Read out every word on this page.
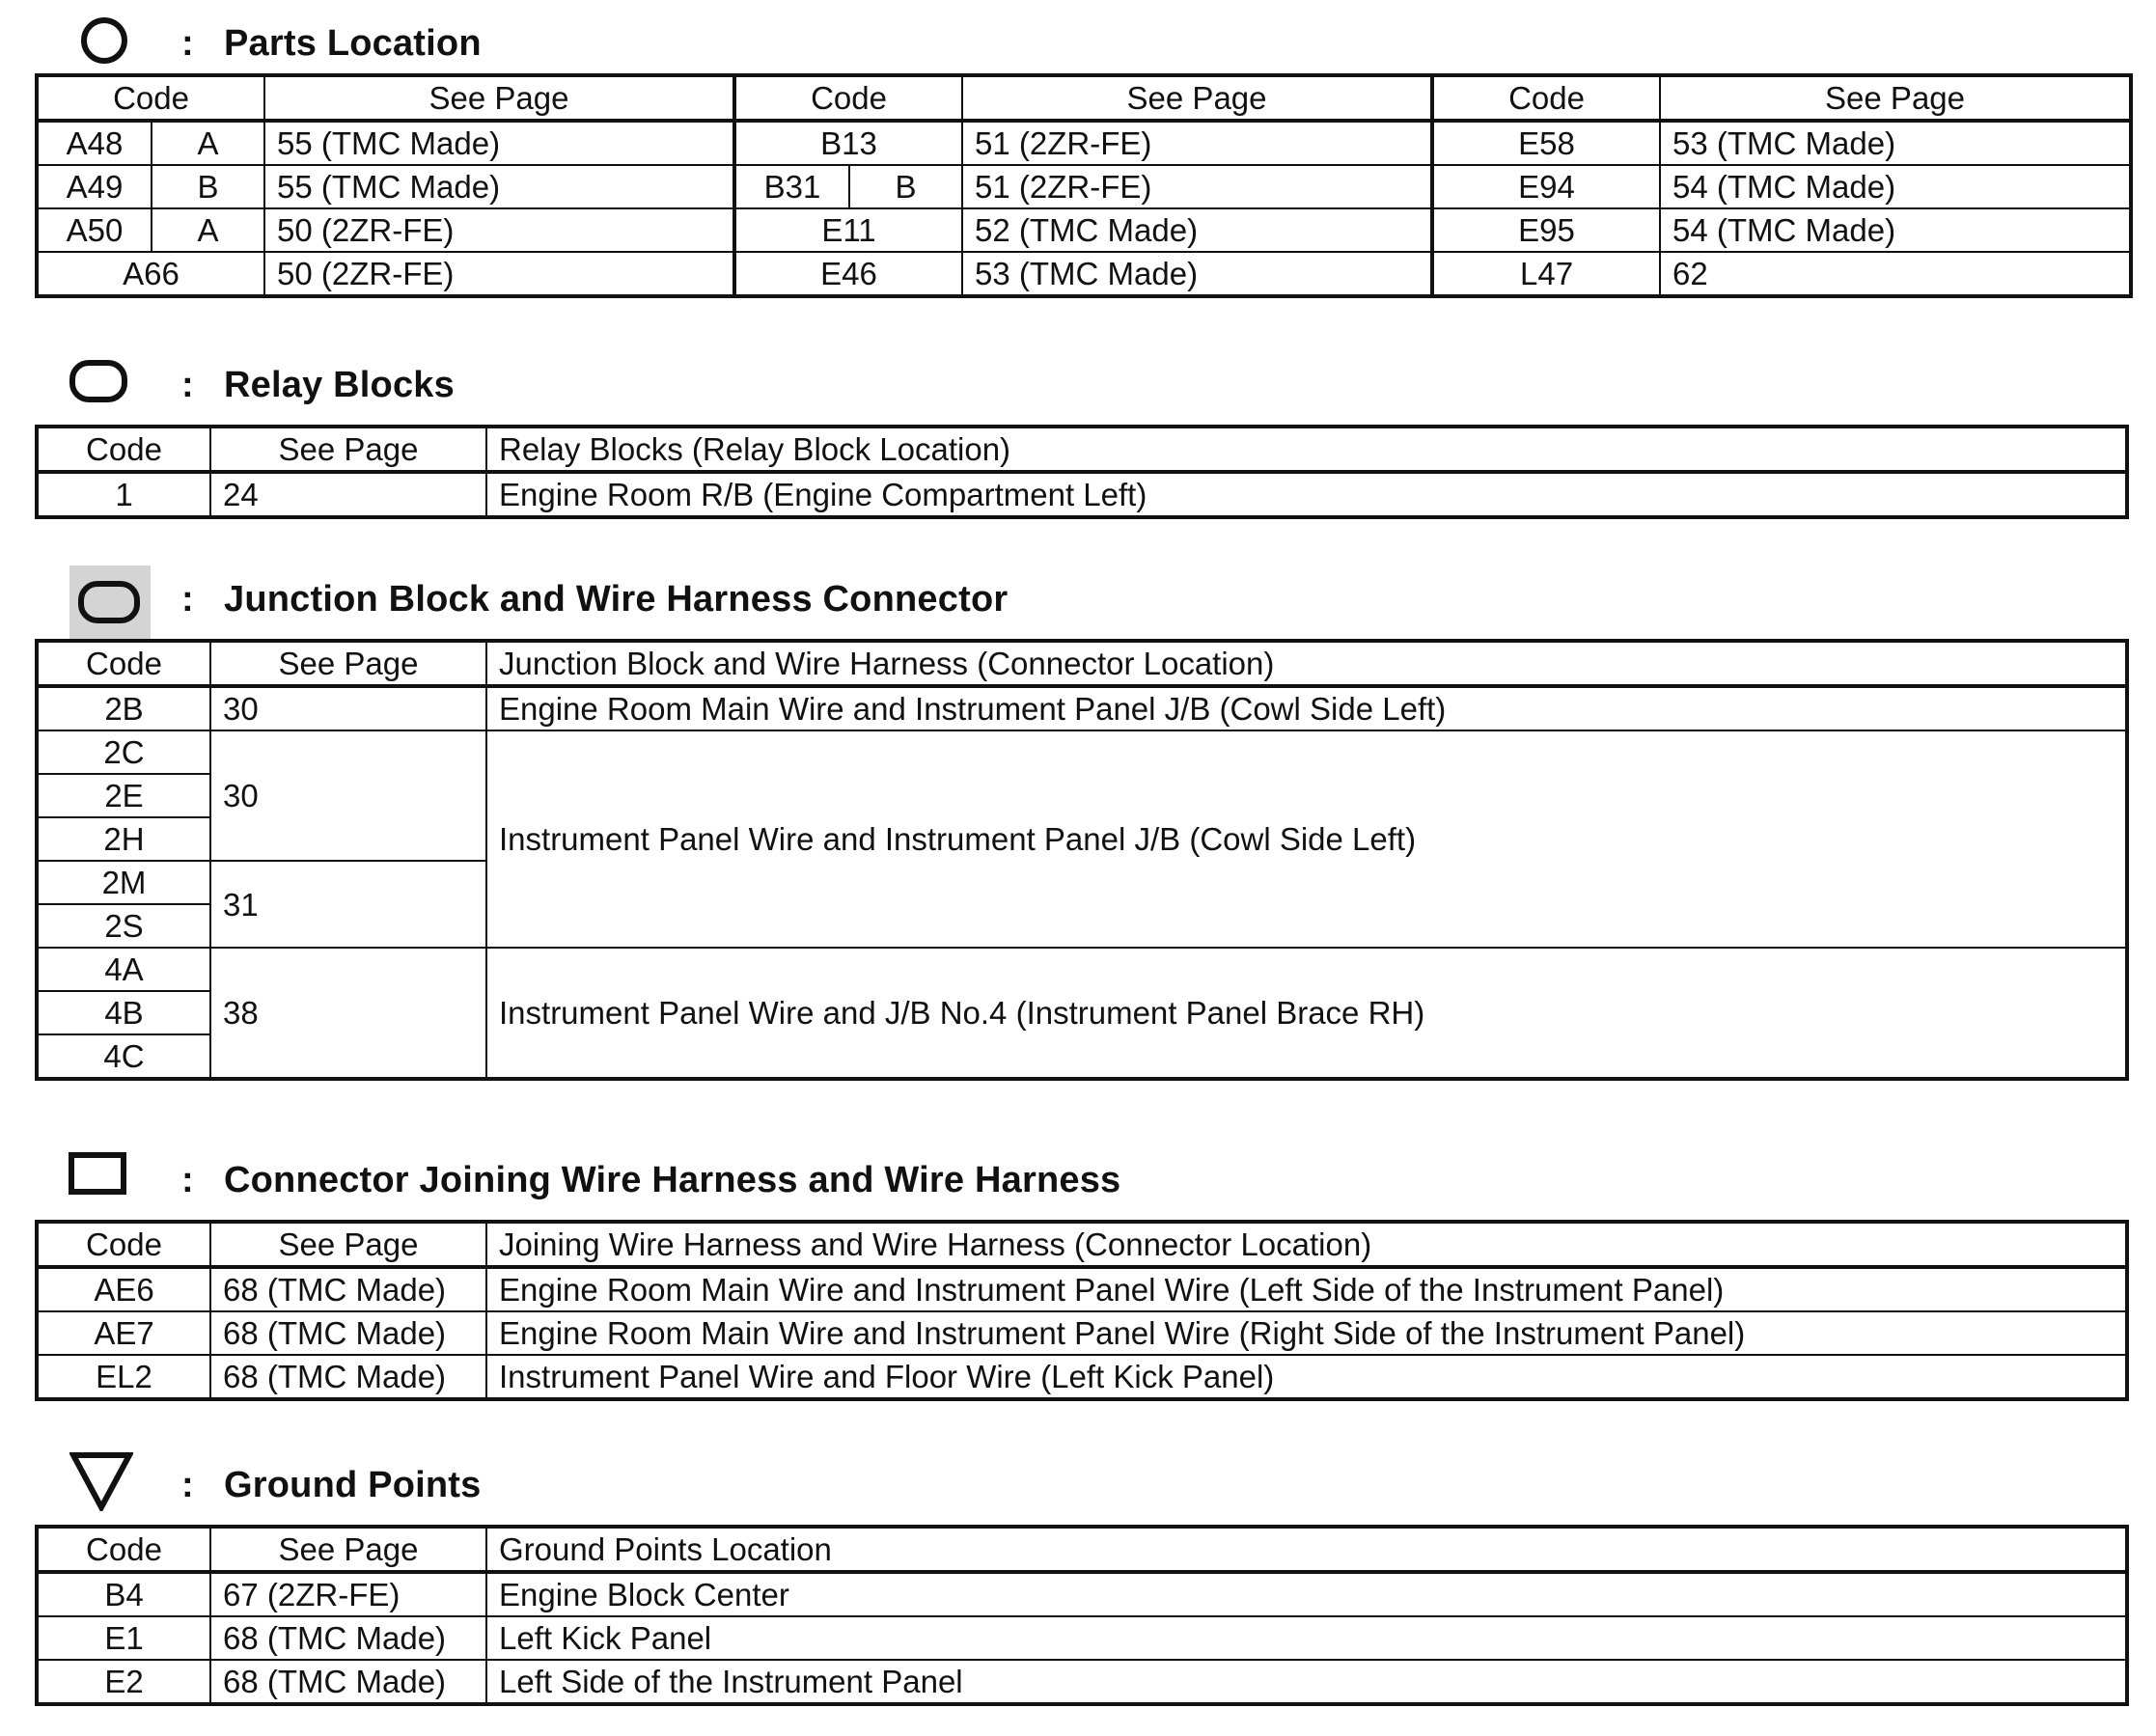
: Parts Location
Code		See Page	Code		See Page	Code	See Page
A48	A	55 (TMC Made)	B13		51 (2ZR-FE)	E58	53 (TMC Made)
A49	B	55 (TMC Made)	B31	B	51 (2ZR-FE)	E94	54 (TMC Made)
A50	A	50 (2ZR-FE)	E11		52 (TMC Made)	E95	54 (TMC Made)
A66		50 (2ZR-FE)	E46		53 (TMC Made)	L47	62
: Relay Blocks
Code	See Page	Relay Blocks (Relay Block Location)
1	24	Engine Room R/B (Engine Compartment Left)
: Junction Block and Wire Harness Connector
Code	See Page	Junction Block and Wire Harness (Connector Location)
2B	30	Engine Room Main Wire and Instrument Panel J/B (Cowl Side Left)
2C	30	Instrument Panel Wire and Instrument Panel J/B (Cowl Side Left)
2E		
2H		
2M	31	
2S		
4A	38	Instrument Panel Wire and J/B No.4 (Instrument Panel Brace RH)
4B		
4C		
: Connector Joining Wire Harness and Wire Harness
Code	See Page	Joining Wire Harness and Wire Harness (Connector Location)
AE6	68 (TMC Made)	Engine Room Main Wire and Instrument Panel Wire (Left Side of the Instrument Panel)
AE7	68 (TMC Made)	Engine Room Main Wire and Instrument Panel Wire (Right Side of the Instrument Panel)
EL2	68 (TMC Made)	Instrument Panel Wire and Floor Wire (Left Kick Panel)
: Ground Points
Code	See Page	Ground Points Location
B4	67 (2ZR-FE)	Engine Block Center
E1	68 (TMC Made)	Left Kick Panel
E2	68 (TMC Made)	Left Side of the Instrument Panel
